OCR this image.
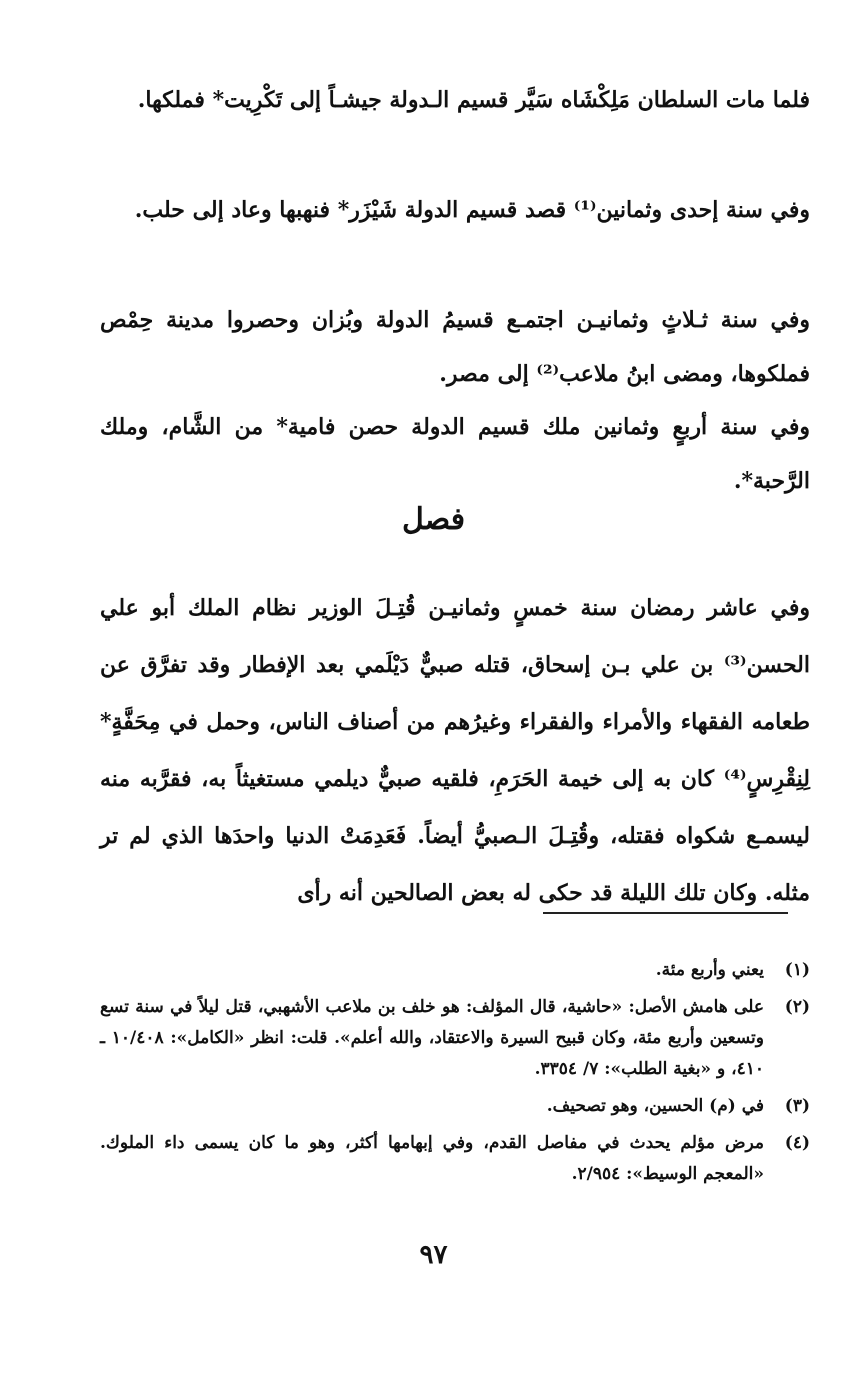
فلما مات السلطان مَلِكْشَاه سَيَّر قسيم الـدولة جيشـاً إلى تَكْرِيت* فملكها.

وفي سنة إحدى وثمانين⁽¹⁾ قصد قسيم الدولة شَيْزَر* فنهبها وعاد إلى حلب.

وفي سنة ثـلاثٍ وثمانيـن اجتمـع قسيمُ الدولة وبُزان وحصروا مدينة حِمْص فملكوها، ومضى ابنُ ملاعب⁽²⁾ إلى مصر.

وفي سنة أربعٍ وثمانين ملك قسيم الدولة حصن فامية* من الشَّام، وملك الرَّحبة*.

فصل

وفي عاشر رمضان سنة خمسٍ وثمانيـن قُتِـلَ الوزير نظام الملك أبو علي الحسن⁽³⁾ بن علي بـن إسحاق، قتله صبيٌّ دَيْلَمي بعد الإفطار وقد تفرَّق عن طعامه الفقهاء والأمراء والفقراء وغيرُهم من أصناف الناس، وحمل في مِحَفَّةٍ* لِنِقْرِسٍ⁽⁴⁾ كان به إلى خيمة الحَرَمِ، فلقيه صبيٌّ ديلمي مستغيثاً به، فقرَّبه منه ليسمـع شكواه فقتله، وقُتِـلَ الـصبيُّ أيضاً. فَعَدِمَتْ الدنيا واحدَها الذي لم تر مثله. وكان تلك الليلة قد حكى له بعض الصالحين أنه رأى

(١)
يعني وأربع مئة.
(٢)
على هامش الأصل: «حاشية، قال المؤلف: هو خلف بن ملاعب الأشهبي، قتل ليلاً في سنة تسع وتسعين وأربع مئة، وكان قبيح السيرة والاعتقاد، والله أعلم». قلت: انظر «الكامل»: ١٠/٤٠٨ ـ ٤١٠، و «بغية الطلب»: ٧/ ٣٣٥٤.
(٣)
في (م) الحسين، وهو تصحيف.
(٤)
مرض مؤلم يحدث في مفاصل القدم، وفي إبهامها أكثر، وهو ما كان يسمى داء الملوك. «المعجم الوسيط»: ٢/٩٥٤.
٩٧
